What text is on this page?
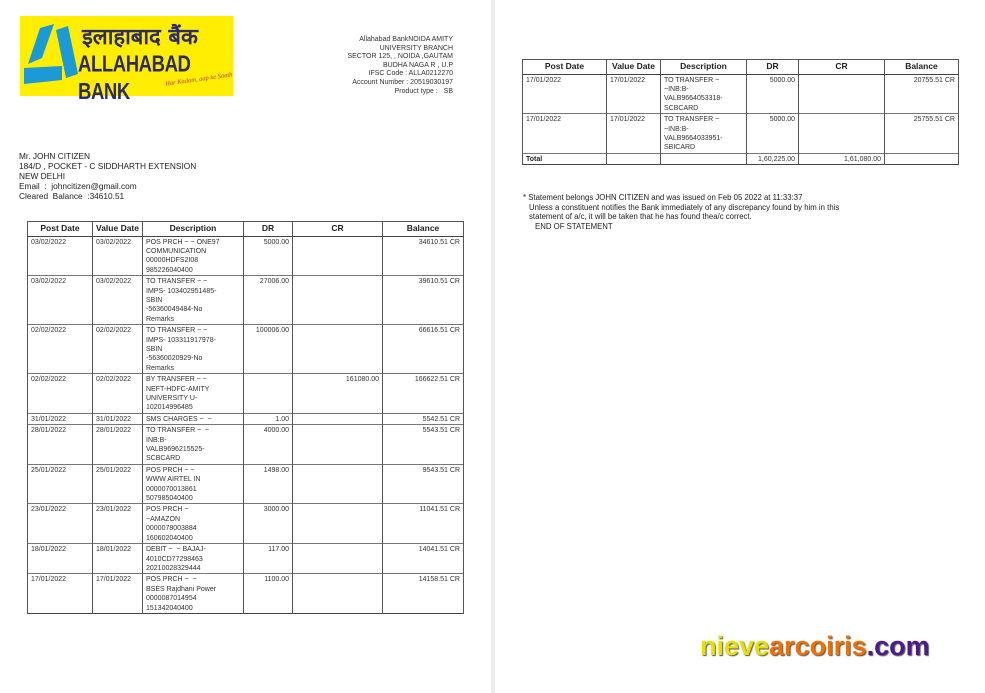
इलाहाबाद बैंक
ALLAHABAD BANK	Har Kadam, aap ke Saath
Allahabad BankNOIDA AMITY
UNIVERSITY BRANCH
SECTOR 125, , NOIDA ,GAUTAM
BUDHA NAGA R , U.P
IFSC Code : ALLA0212270
Account Number : 20519030197
Product type :   SB
Mr. JOHN CITIZEN
184/D , POCKET - C SIDDHARTH EXTENSION
NEW DELHI
Email  :  johncitizen@gmail.com
Cleared  Balance  :34610.51
Post Date	Value Date	Description	DR	CR	Balance
03/02/2022	03/02/2022	POS PRCH ~ ~ ONE97
COMMUNICATION
00000HDFS2I08
985226040400	5000.00		34610.51 CR
03/02/2022	03/02/2022	TO TRANSFER ~ ~
IMPS- 103402951485-
SBIN
-56360049484-No
Remarks	27006.00		39610.51 CR
02/02/2022	02/02/2022	TO TRANSFER ~ ~
IMPS- 103311917978-
SBIN
-56360020929-No
Remarks	100006.00		66616.51 CR
02/02/2022	02/02/2022	BY TRANSFER ~ ~
NEFT-HDFC-AMITY
UNIVERSITY U-
102014996485		161080.00	166622.51 CR
31/01/2022	31/01/2022	SMS CHARGES ~  ~	1.00		5542.51 CR
28/01/2022	28/01/2022	TO TRANSFER ~  ~
INB:B-
VALB9696215525-
SCBCARD	4000.00		5543.51 CR
25/01/2022	25/01/2022	POS PRCH ~ ~
WWW AIRTEL IN
0000070013861
507985040400	1498.00		9543.51 CR
23/01/2022	23/01/2022	POS PRCH ~
~AMAZON
0000078003884
160602040400	3000.00		11041.51 CR
18/01/2022	18/01/2022	DEBIT ~  ~ BAJAJ-
4010CD77298463
20210028329444	117.00		14041.51 CR
17/01/2022	17/01/2022	POS PRCH ~  ~
BSES Rajdhani Power
0000087014954
151342040400	1100.00		14158.51 CR
Post Date	Value Date	Description	DR	CR	Balance
17/01/2022	17/01/2022	TO TRANSFER ~
~INB:B-
VALB9664053318-
SCBCARD	5000.00		20755.51 CR
17/01/2022	17/01/2022	TO TRANSFER ~
~INB:B-
VALB9664033951-
SBICARD	5000.00		25755.51 CR
Total			1,60,225.00	1,61,080.00	
* Statement belongs JOHN CITIZEN and was issued on Feb 05 2022 at 11:33:37
Unless a constituent notifies the Bank immediately of any discrepancy found by him in this
statement of a/c, it will be taken that he has found thea/c correct.
END OF STATEMENT
nievearcoiris.com
